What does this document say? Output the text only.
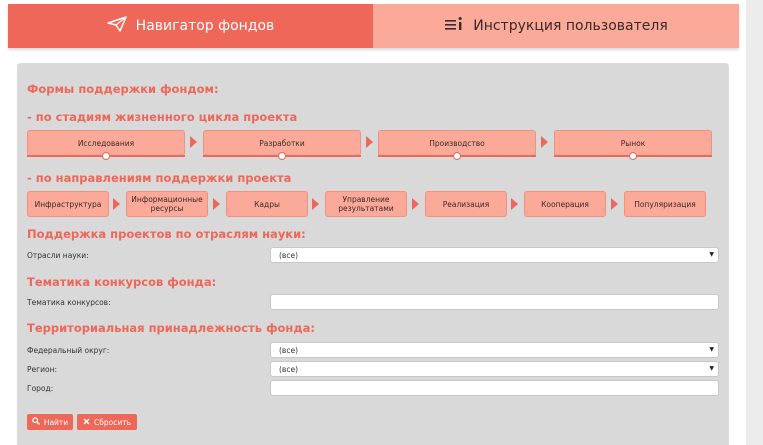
Навигатор фондов	Инструкция пользователя
Формы поддержки фондом:
- по стадиям жизненного цикла проекта
Исследования	Разработки	Производство	Рынок
- по направлениям поддержки проекта
Инфраструктура	Информационные ресурсы	Кадры	Управление результатами	Реализация	Кооперация	Популяризация
Поддержка проектов по отраслям науки:
Отрасли науки:	(все)	▼
Тематика конкурсов фонда:
Тематика конкурсов:
Территориальная принадлежность фонда:
Федеральный округ:	(все)	▼
Регион:	(все)	▼
Город:
Найти	Сбросить
